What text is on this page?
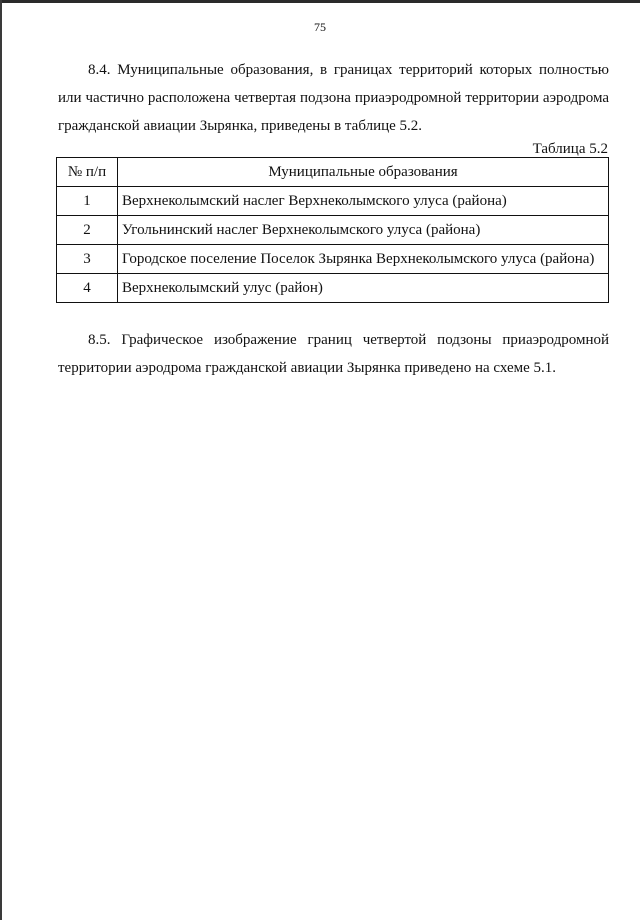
75

8.4. Муниципальные образования, в границах территорий которых полностью или частично расположена четвертая подзона приаэродромной территории аэродрома гражданской авиации Зырянка, приведены в таблице 5.2.

Таблица 5.2
№ п/п	Муниципальные образования
1	Верхнеколымский наслег Верхнеколымского улуса (района)
2	Угольнинский наслег Верхнеколымского улуса (района)
3	Городское поселение Поселок Зырянка Верхнеколымского улуса (района)
4	Верхнеколымский улус (район)

8.5. Графическое изображение границ четвертой подзоны приаэродромной территории аэродрома гражданской авиации Зырянка приведено на схеме 5.1.
